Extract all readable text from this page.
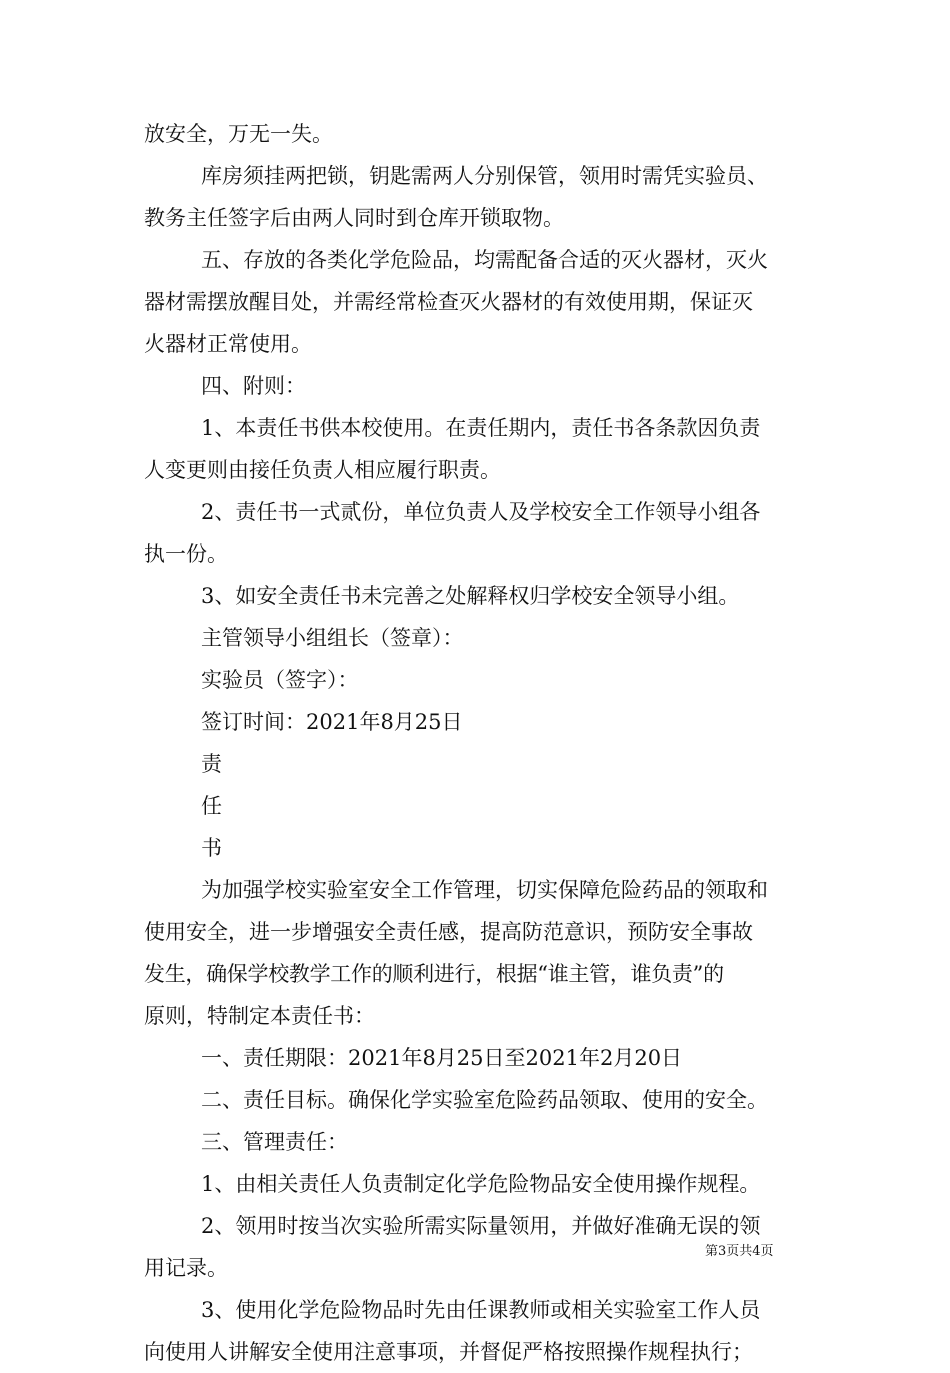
放安全，万无一失。
库房须挂两把锁，钥匙需两人分别保管，领用时需凭实验员、
教务主任签字后由两人同时到仓库开锁取物。
五、存放的各类化学危险品，均需配备合适的灭火器材，灭火
器材需摆放醒目处，并需经常检查灭火器材的有效使用期，保证灭
火器材正常使用。
四、附则：
1、本责任书供本校使用。在责任期内，责任书各条款因负责
人变更则由接任负责人相应履行职责。
2、责任书一式贰份，单位负责人及学校安全工作领导小组各
执一份。
3、如安全责任书未完善之处解释权归学校安全领导小组。
主管领导小组组长（签章）：
实验员（签字）：
签订时间：2021年8月25日
责
任
书
为加强学校实验室安全工作管理，切实保障危险药品的领取和
使用安全，进一步增强安全责任感，提高防范意识，预防安全事故
发生，确保学校教学工作的顺利进行，根据“谁主管，谁负责”的
原则，特制定本责任书：
一、责任期限：2021年8月25日至2021年2月20日
二、责任目标。确保化学实验室危险药品领取、使用的安全。
三、管理责任：
1、由相关责任人负责制定化学危险物品安全使用操作规程。
2、领用时按当次实验所需实际量领用，并做好准确无误的领
用记录。
3、使用化学危险物品时先由任课教师或相关实验室工作人员
向使用人讲解安全使用注意事项，并督促严格按照操作规程执行；
第3页共4页
